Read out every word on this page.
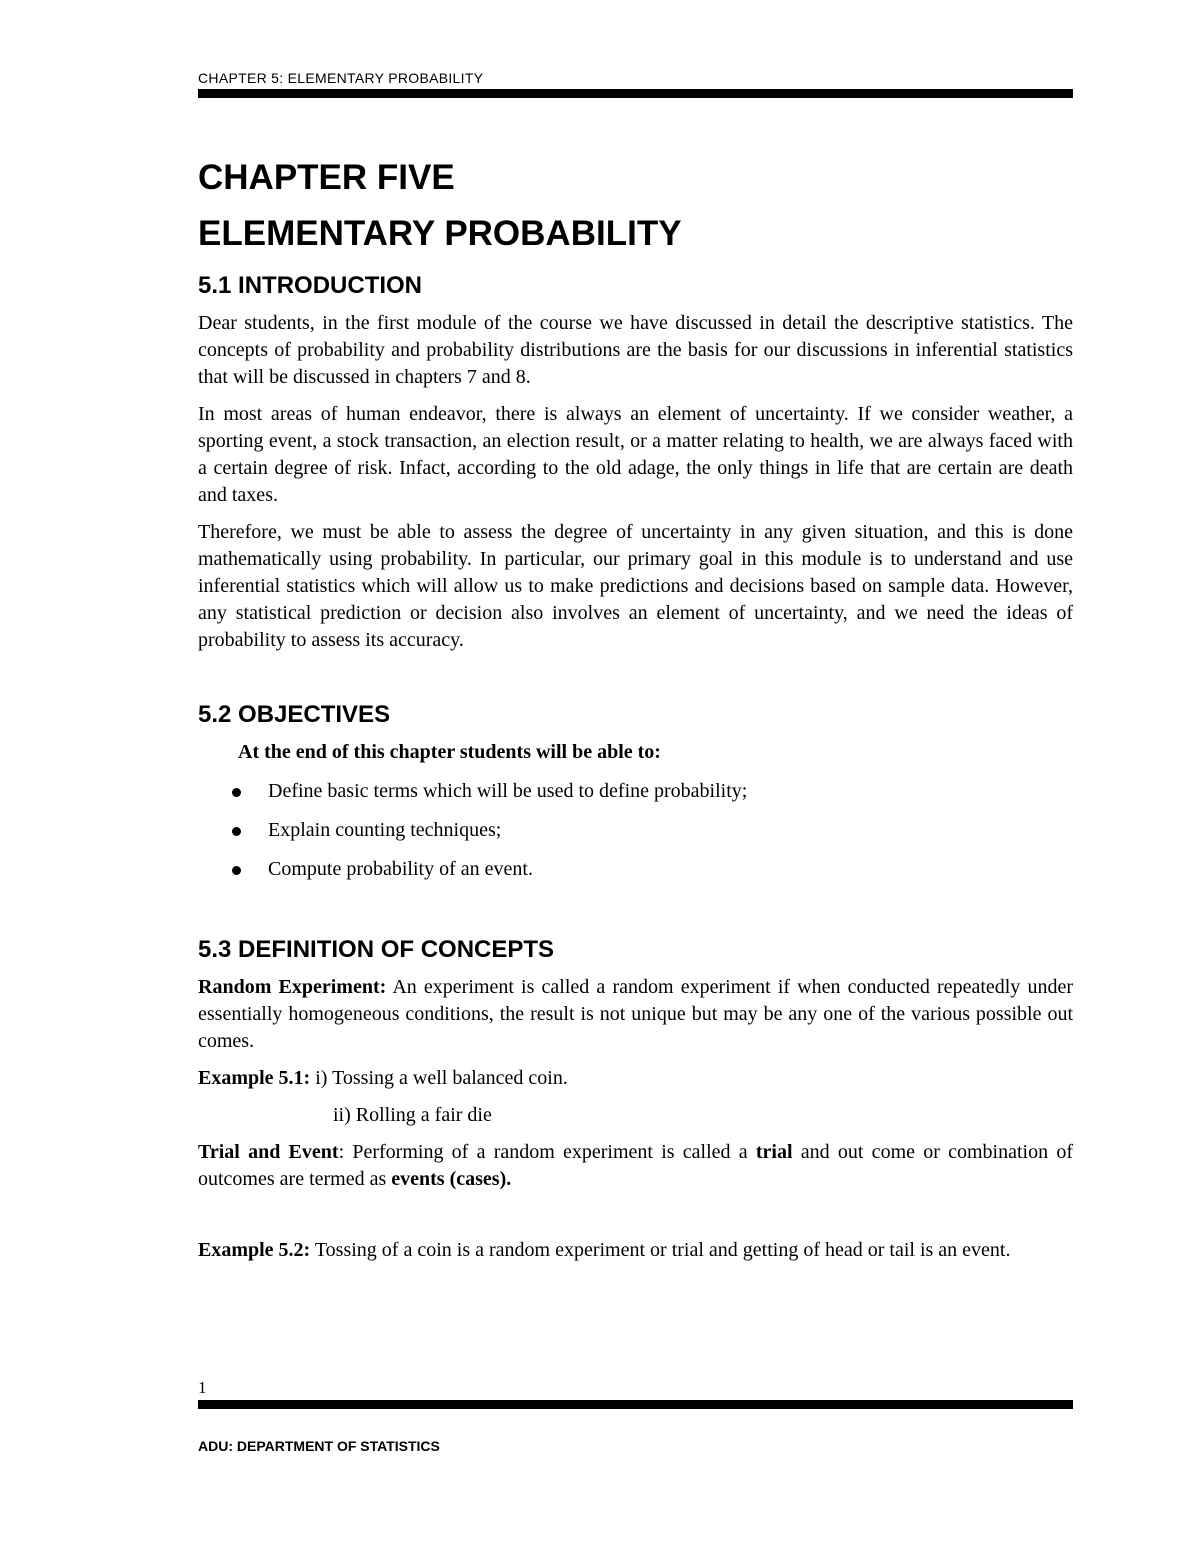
CHAPTER 5: ELEMENTARY PROBABILITY
CHAPTER FIVE
ELEMENTARY PROBABILITY
5.1 INTRODUCTION

Dear students, in the first module of the course we have discussed in detail the descriptive statistics. The concepts of probability and probability distributions are the basis for our discussions in inferential statistics that will be discussed in chapters 7 and 8.

In most areas of human endeavor, there is always an element of uncertainty. If we consider weather, a sporting event, a stock transaction, an election result, or a matter relating to health, we are always faced with a certain degree of risk. Infact, according to the old adage, the only things in life that are certain are death and taxes.

Therefore, we must be able to assess the degree of uncertainty in any given situation, and this is done mathematically using probability. In particular, our primary goal in this module is to understand and use inferential statistics which will allow us to make predictions and decisions based on sample data. However, any statistical prediction or decision also involves an element of uncertainty, and we need the ideas of probability to assess its accuracy.

5.2 OBJECTIVES
At the end of this chapter students will be able to:
Define basic terms which will be used to define probability;
Explain counting techniques;
Compute probability of an event.
5.3 DEFINITION OF CONCEPTS

Random Experiment: An experiment is called a random experiment if when conducted repeatedly under essentially homogeneous conditions, the result is not unique but may be any one of the various possible out comes.

Example 5.1: i) Tossing a well balanced coin.

ii) Rolling a fair die

Trial and Event: Performing of a random experiment is called a trial and out come or combination of outcomes are termed as events (cases).

Example 5.2: Tossing of a coin is a random experiment or trial and getting of head or tail is an event.

1
ADU: DEPARTMENT OF STATISTICS
